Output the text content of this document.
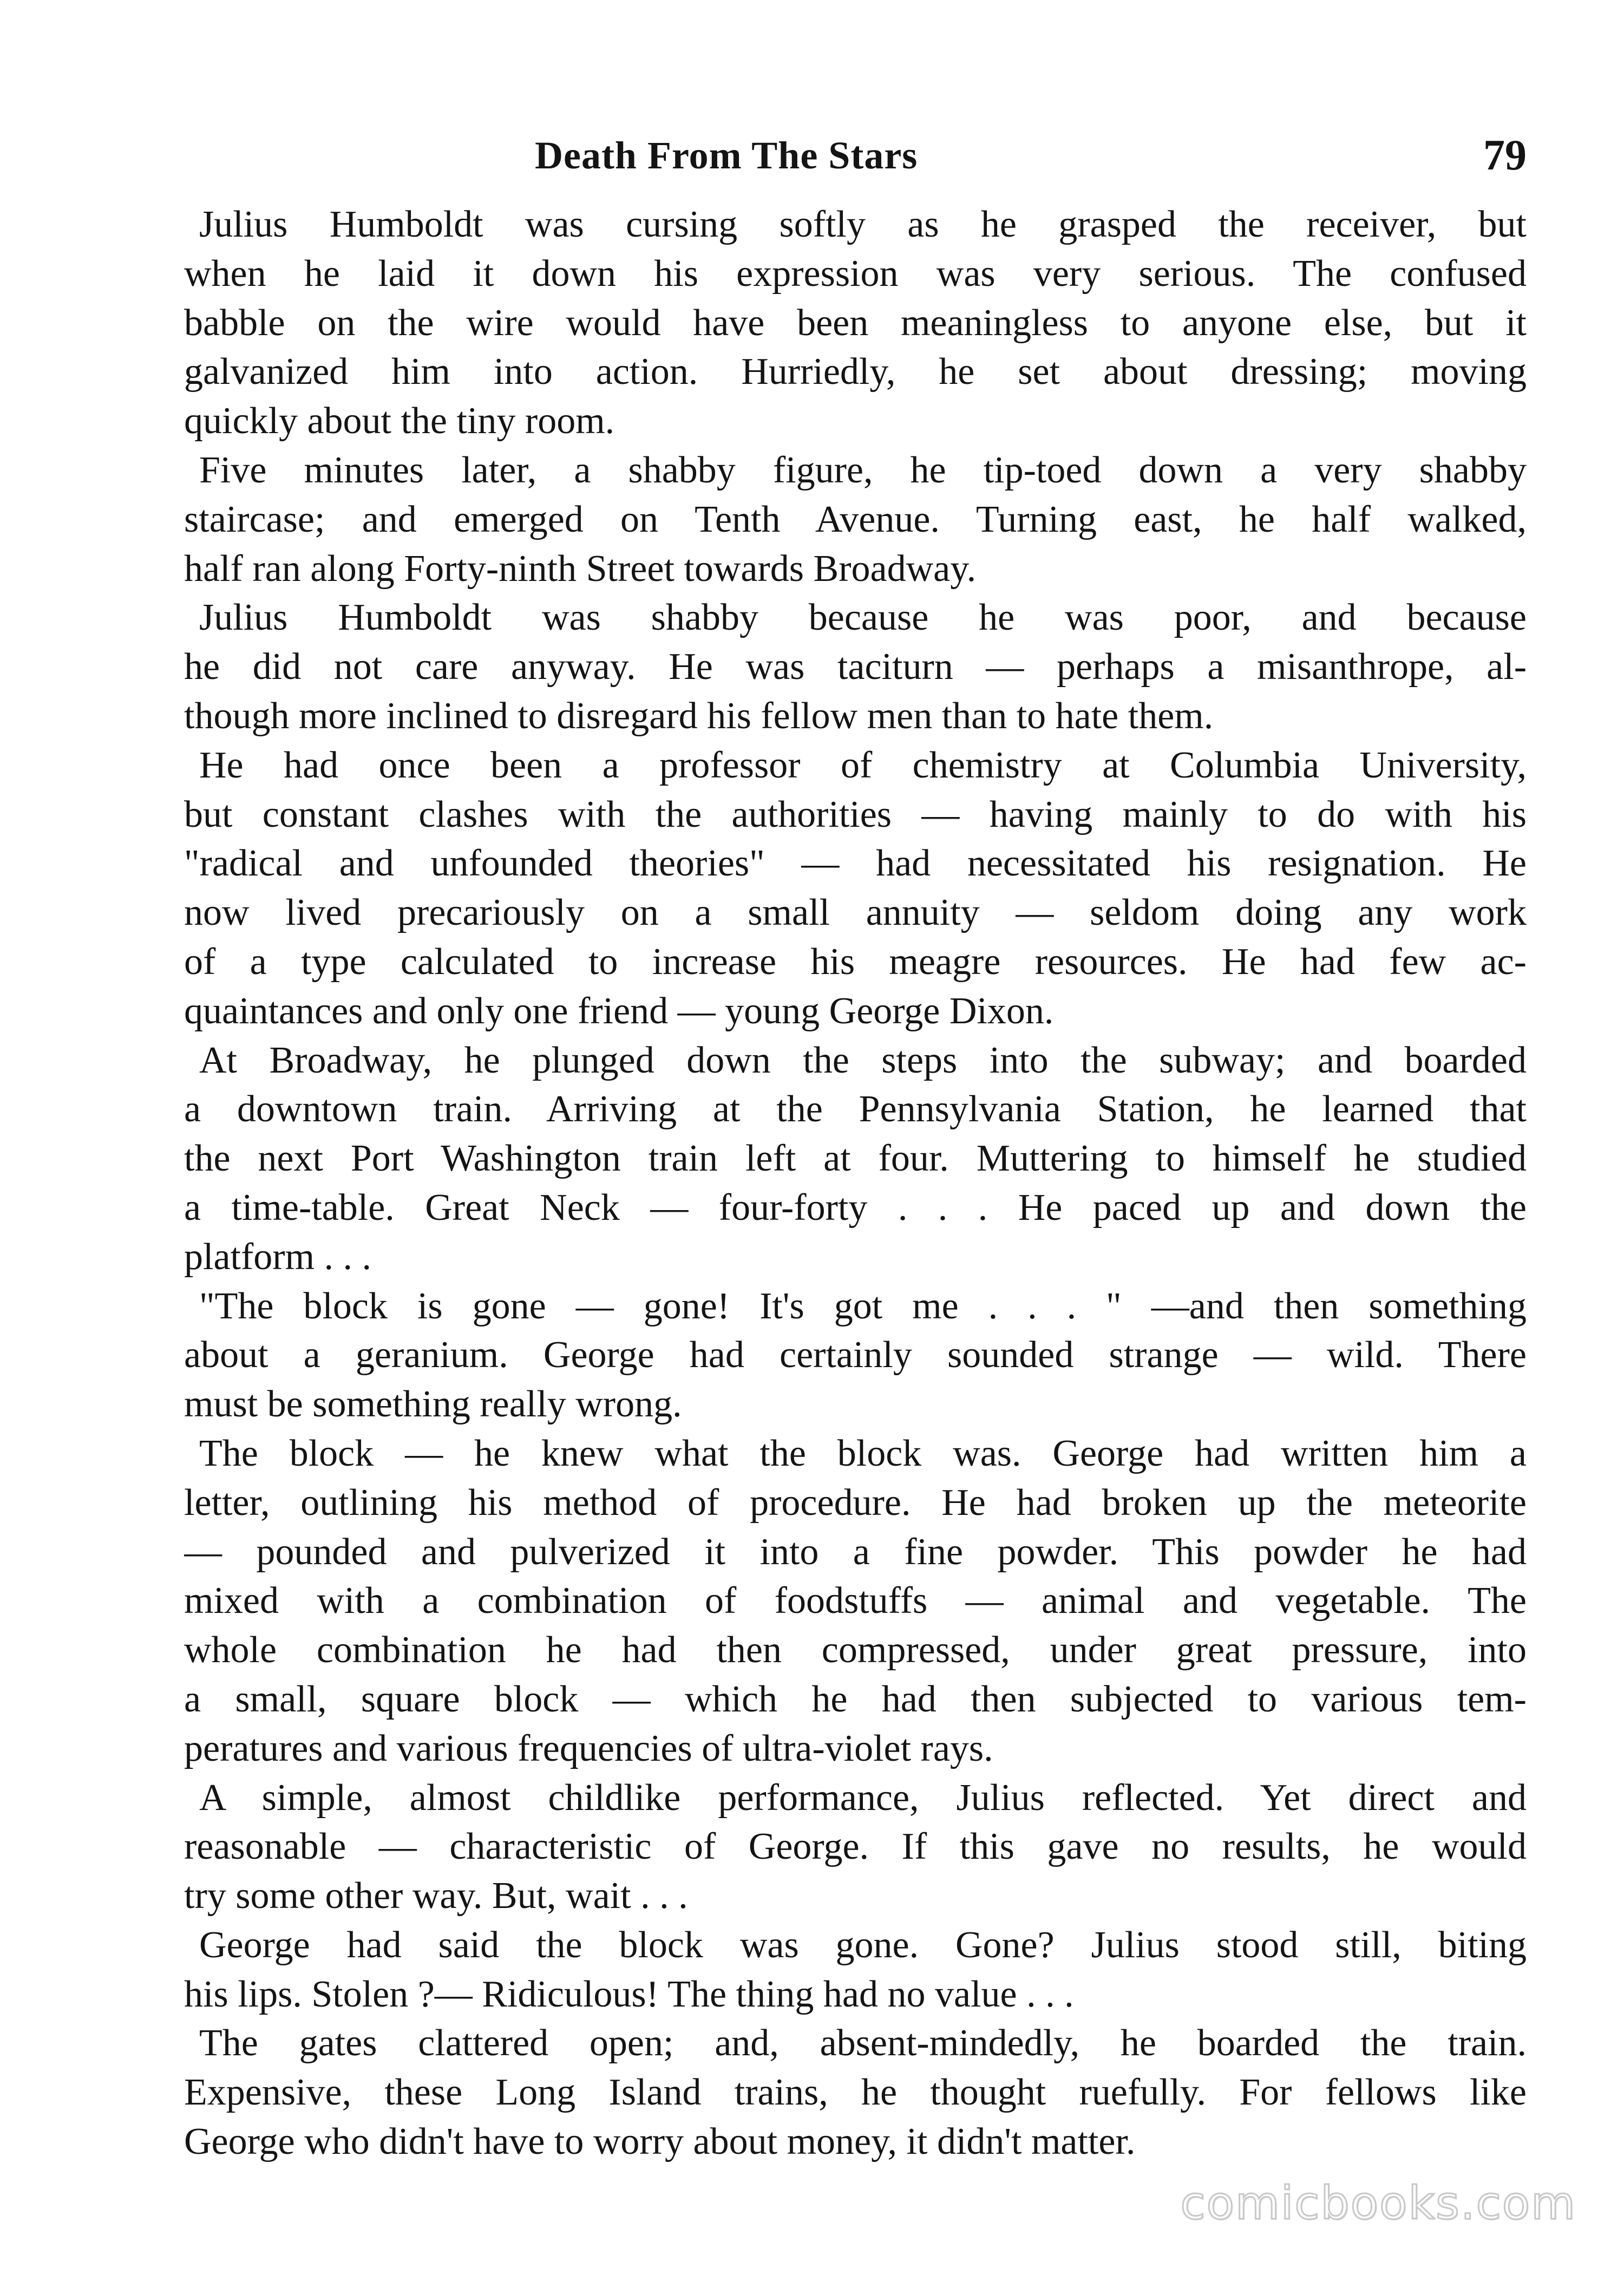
Death From The Stars	79
Julius Humboldt was cursing softly as he grasped the receiver, but
when he laid it down his expression was very serious. The confused
babble on the wire would have been meaningless to anyone else, but it
galvanized him into action. Hurriedly, he set about dressing; moving
quickly about the tiny room.
Five minutes later, a shabby figure, he tip-toed down a very shabby
staircase; and emerged on Tenth Avenue. Turning east, he half walked,
half ran along Forty-ninth Street towards Broadway.
Julius Humboldt was shabby because he was poor, and because
he did not care anyway. He was taciturn — perhaps a misanthrope, al-
though more inclined to disregard his fellow men than to hate them.
He had once been a professor of chemistry at Columbia University,
but constant clashes with the authorities — having mainly to do with his
"radical and unfounded theories" — had necessitated his resignation. He
now lived precariously on a small annuity — seldom doing any work
of a type calculated to increase his meagre resources. He had few ac-
quaintances and only one friend — young George Dixon.
At Broadway, he plunged down the steps into the subway; and boarded
a downtown train. Arriving at the Pennsylvania Station, he learned that
the next Port Washington train left at four. Muttering to himself he studied
a time-table. Great Neck — four-forty . . . He paced up and down the
platform . . .
"The block is gone — gone! It's got me . . . " —and then something
about a geranium. George had certainly sounded strange — wild. There
must be something really wrong.
The block — he knew what the block was. George had written him a
letter, outlining his method of procedure. He had broken up the meteorite
— pounded and pulverized it into a fine powder. This powder he had
mixed with a combination of foodstuffs — animal and vegetable. The
whole combination he had then compressed, under great pressure, into
a small, square block — which he had then subjected to various tem-
peratures and various frequencies of ultra-violet rays.
A simple, almost childlike performance, Julius reflected. Yet direct and
reasonable — characteristic of George. If this gave no results, he would
try some other way. But, wait . . .
George had said the block was gone. Gone? Julius stood still, biting
his lips. Stolen ?— Ridiculous! The thing had no value . . .
The gates clattered open; and, absent-mindedly, he boarded the train.
Expensive, these Long Island trains, he thought ruefully. For fellows like
George who didn't have to worry about money, it didn't matter.
comicbooks.com
